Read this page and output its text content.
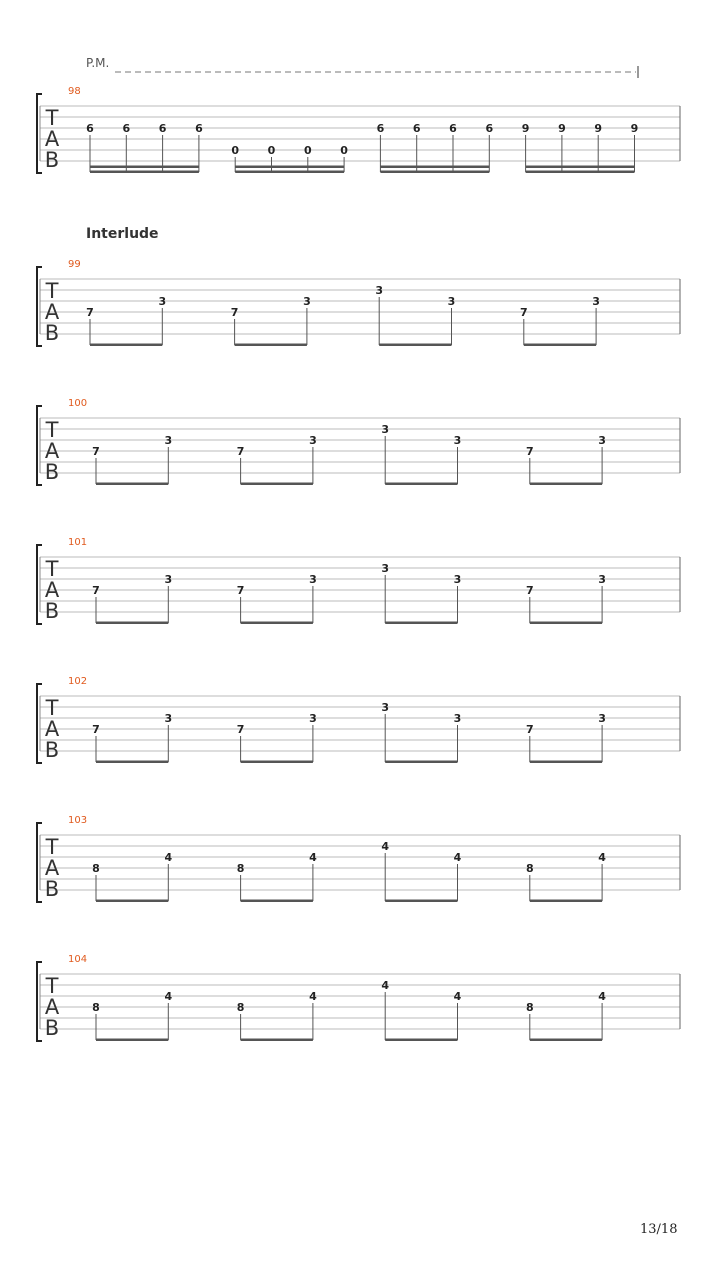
P.M.
Interlude
T
A
B
98
6	6	6	6
0	0	0	0
6	6	6	6	9	9	9	9
T
A
B
99
7
3
7
3
3
3
7
3
T
A
B
100
7
3
7
3
3
3
7
3
T
A
B
101
7
3
7
3
3
3
7
3
T
A
B
102
7
3
7
3
3
3
7
3
T
A
B
103
8
4
8
4
4
4
8
4
T
A
B
104
8
4
8
4
4
4
8
4
13/18
